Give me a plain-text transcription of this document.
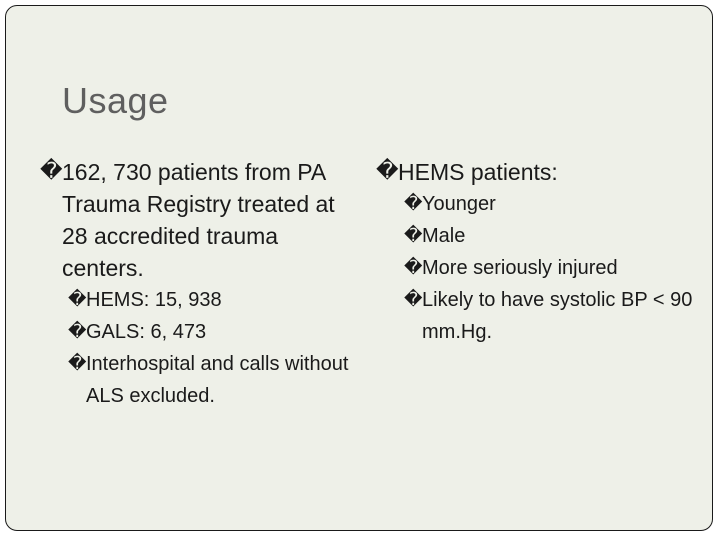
Usage
� 162, 730 patients from PA Trauma Registry treated at 28 accredited trauma centers.
� HEMS: 15, 938
� GALS: 6, 473
� Interhospital and calls without ALS excluded.
� HEMS patients:
� Younger
� Male
� More seriously injured
� Likely to have systolic BP < 90 mm.Hg.
